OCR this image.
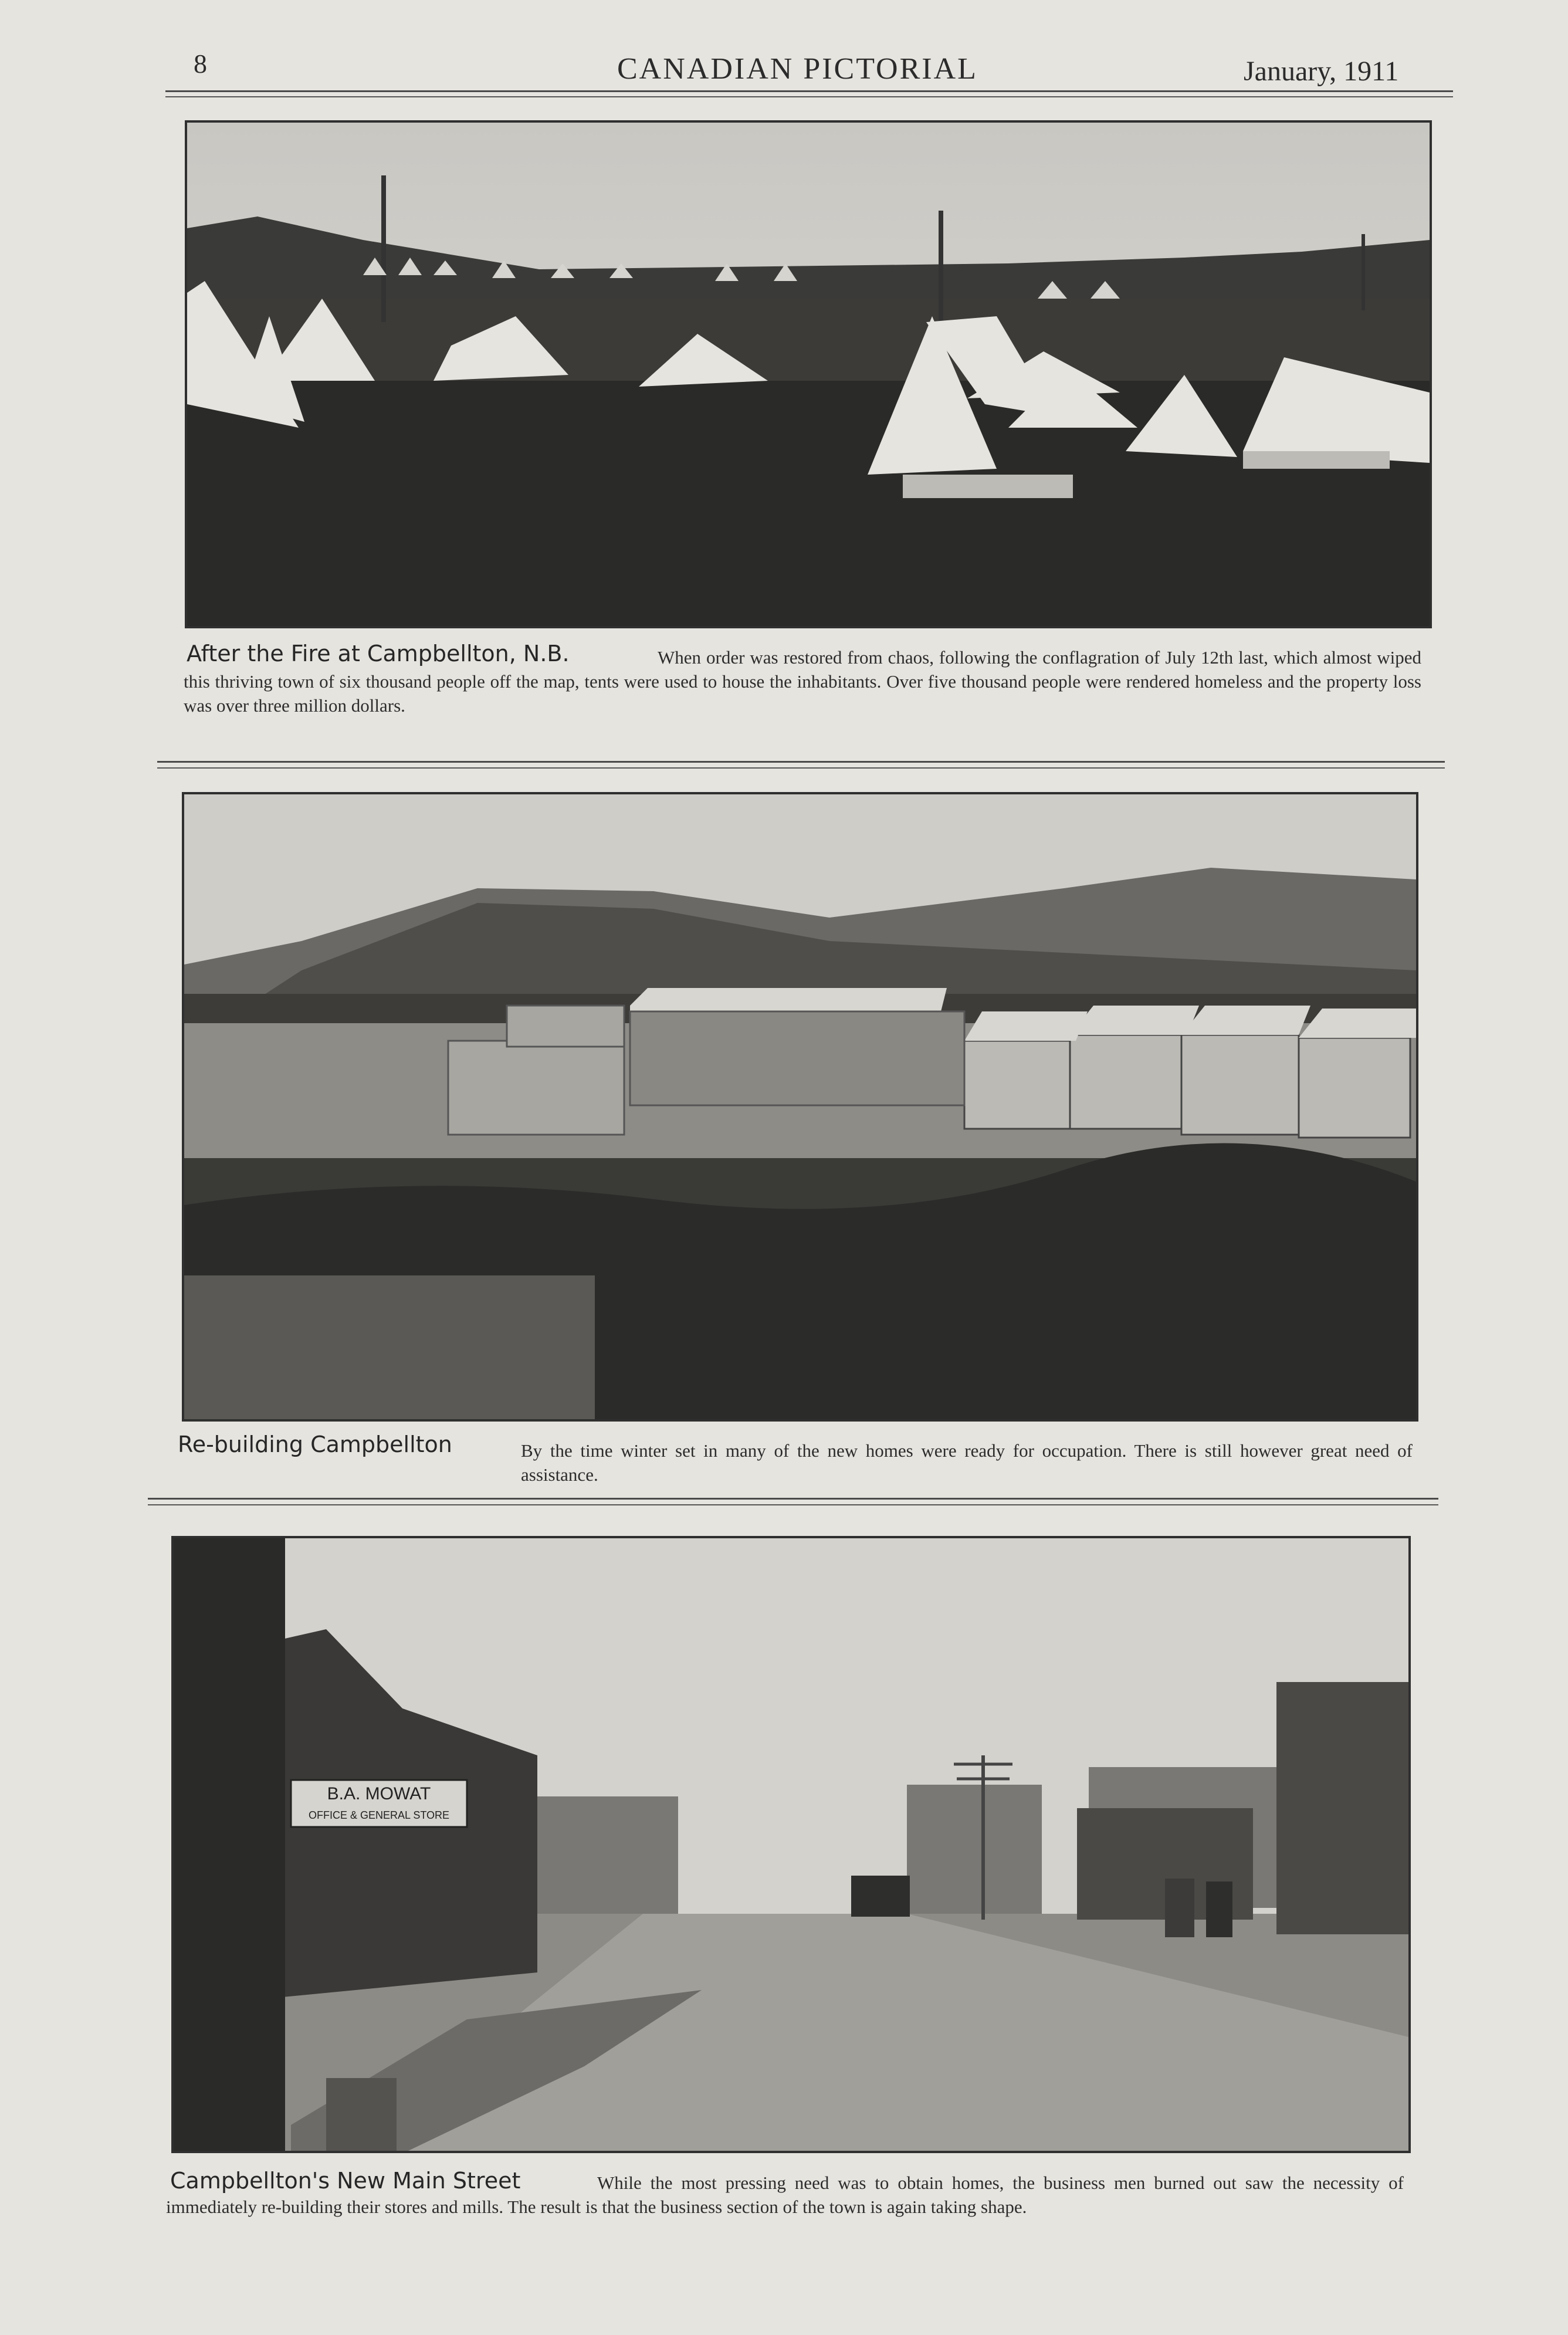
8	CANADIAN PICTORIAL	January, 1911
After the Fire at Campbellton, N.B.	When order was restored from chaos, following the conflagration of July 12th last, which almost wiped this thriving town of six thousand people off the map, tents were used to house the inhabitants. Over five thousand people were rendered homeless and the property loss was over three million dollars.
Re-building Campbellton	By the time winter set in many of the new homes were ready for occupation. There is still however great need of assistance.
B.A. MOWAT
OFFICE & GENERAL STORE
Campbellton's New Main Street	While the most pressing need was to obtain homes, the business men burned out saw the necessity of immediately re-building their stores and mills. The result is that the business section of the town is again taking shape.
